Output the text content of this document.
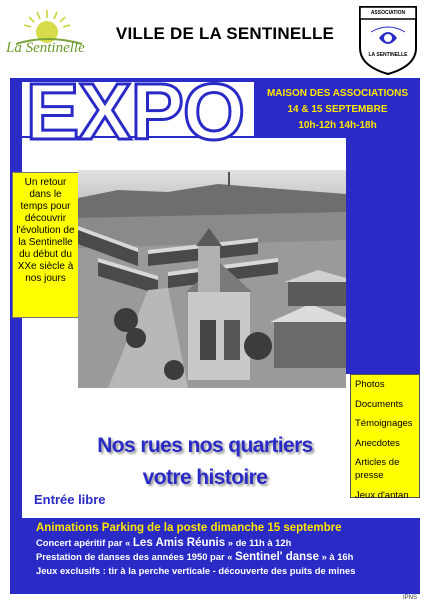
La Sentinelle
VILLE DE LA SENTINELLE
ASSOCIATION
LA SENTINELLE
EXPO	MAISON DES ASSOCIATIONS
14 & 15 SEPTEMBRE
10h-12h 14h-18h
Un retour dans le temps pour découvrir l'évolution de la Sentinelle du début du XXe siècle à nos jours
Photos
Documents
Témoignages
Anecdotes
Articles de presse
Jeux d'antan
Nos rues nos quartiers
votre histoire
Entrée libre
Animations Parking de la poste dimanche 15 septembre
Concert apéritif par « Les Amis Réunis » de 11h à 12h
Prestation de danses des années 1950 par « Sentinel' danse » à 16h
Jeux exclusifs : tir à la perche verticale - découverte des puits de mines
IPNS
